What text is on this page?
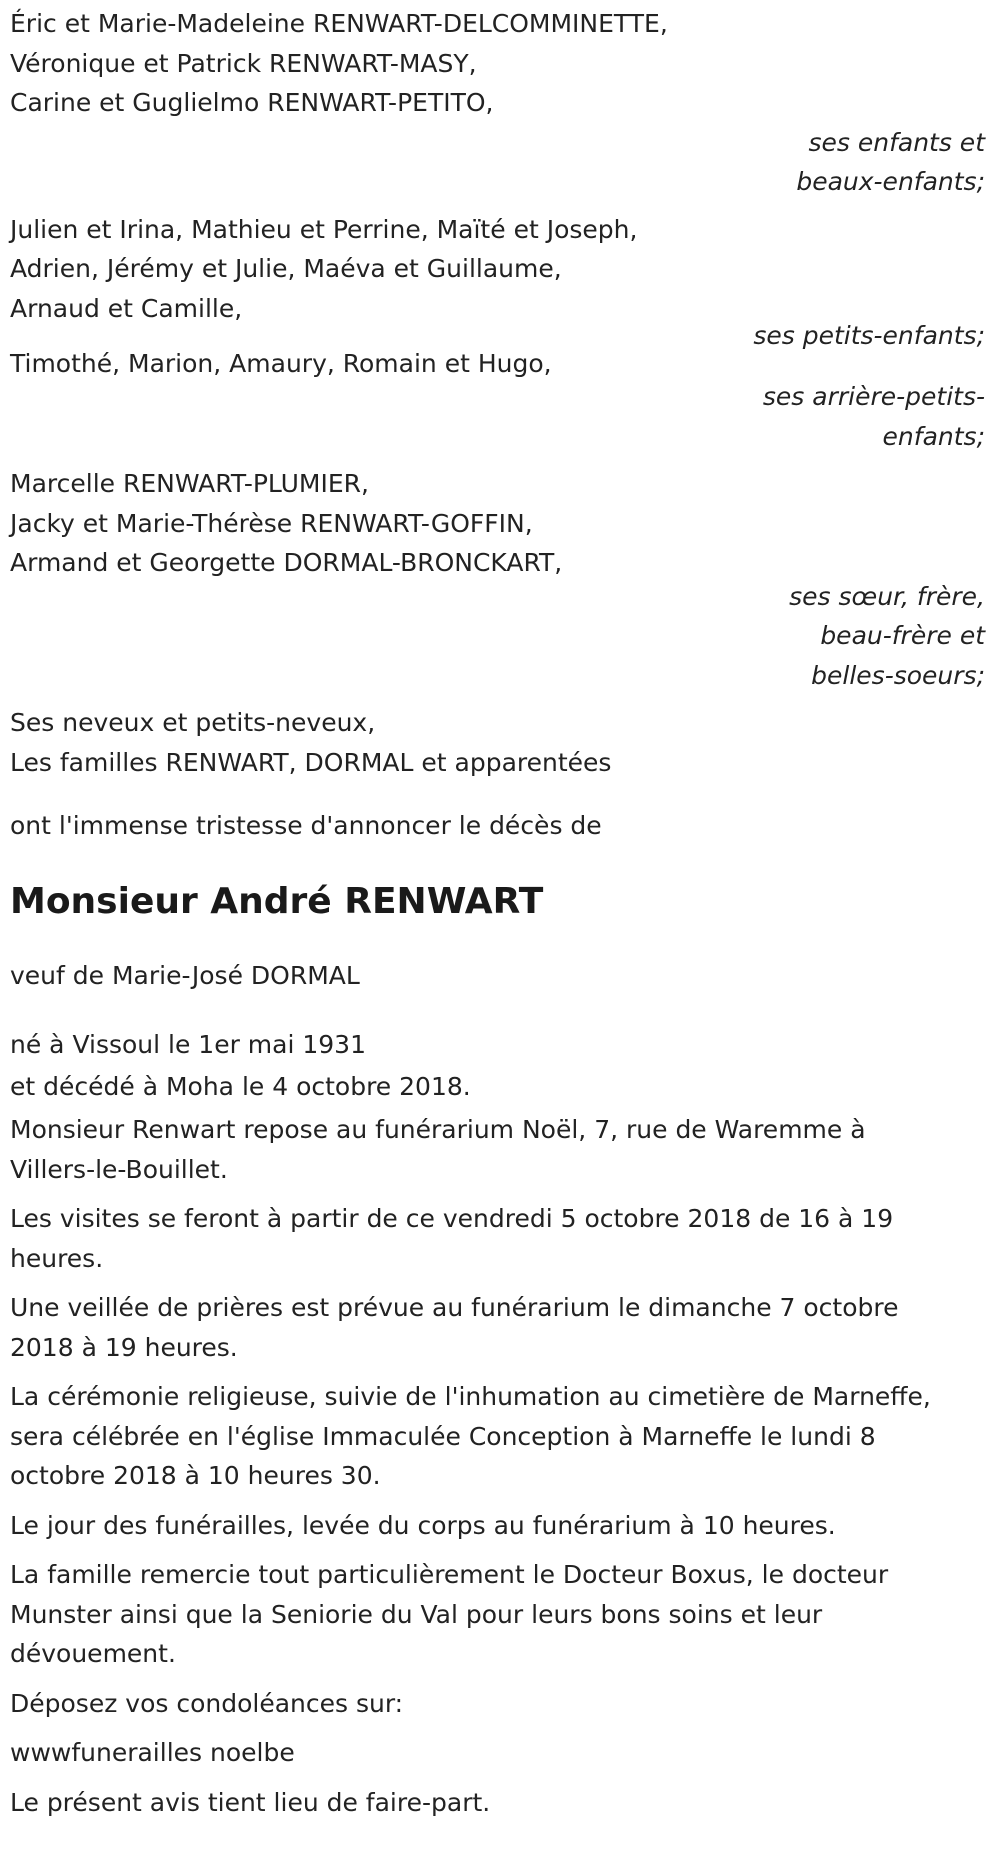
Éric et Marie-Madeleine RENWART-DELCOMMINETTE,
Véronique et Patrick RENWART-MASY,
Carine et Guglielmo RENWART-PETITO,
ses enfants et
beaux-enfants;
Julien et Irina, Mathieu et Perrine, Maïté et Joseph,
Adrien, Jérémy et Julie, Maéva et Guillaume,
Arnaud et Camille,
ses petits-enfants;
Timothé, Marion, Amaury, Romain et Hugo,
ses arrière-petits-
enfants;
Marcelle RENWART-PLUMIER,
Jacky et Marie-Thérèse RENWART-GOFFIN,
Armand et Georgette DORMAL-BRONCKART,
ses sœur, frère,
beau-frère et
belles-soeurs;
Ses neveux et petits-neveux,
Les familles RENWART, DORMAL et apparentées
ont l'immense tristesse d'annoncer le décès de
Monsieur André RENWART
veuf de Marie-José DORMAL
né à Vissoul le 1er mai 1931
et décédé à Moha le 4 octobre 2018.
Monsieur Renwart repose au funérarium Noël, 7, rue de Waremme à
Villers-le-Bouillet.
Les visites se feront à partir de ce vendredi 5 octobre 2018 de 16 à 19
heures.
Une veillée de prières est prévue au funérarium le dimanche 7 octobre
2018 à 19 heures.
La cérémonie religieuse, suivie de l'inhumation au cimetière de Marneffe,
sera célébrée en l'église Immaculée Conception à Marneffe le lundi 8
octobre 2018 à 10 heures 30.
Le jour des funérailles, levée du corps au funérarium à 10 heures.
La famille remercie tout particulièrement le Docteur Boxus, le docteur
Munster ainsi que la Seniorie du Val pour leurs bons soins et leur
dévouement.
Déposez vos condoléances sur:
wwwfunerailles noelbe
Le présent avis tient lieu de faire-part.
